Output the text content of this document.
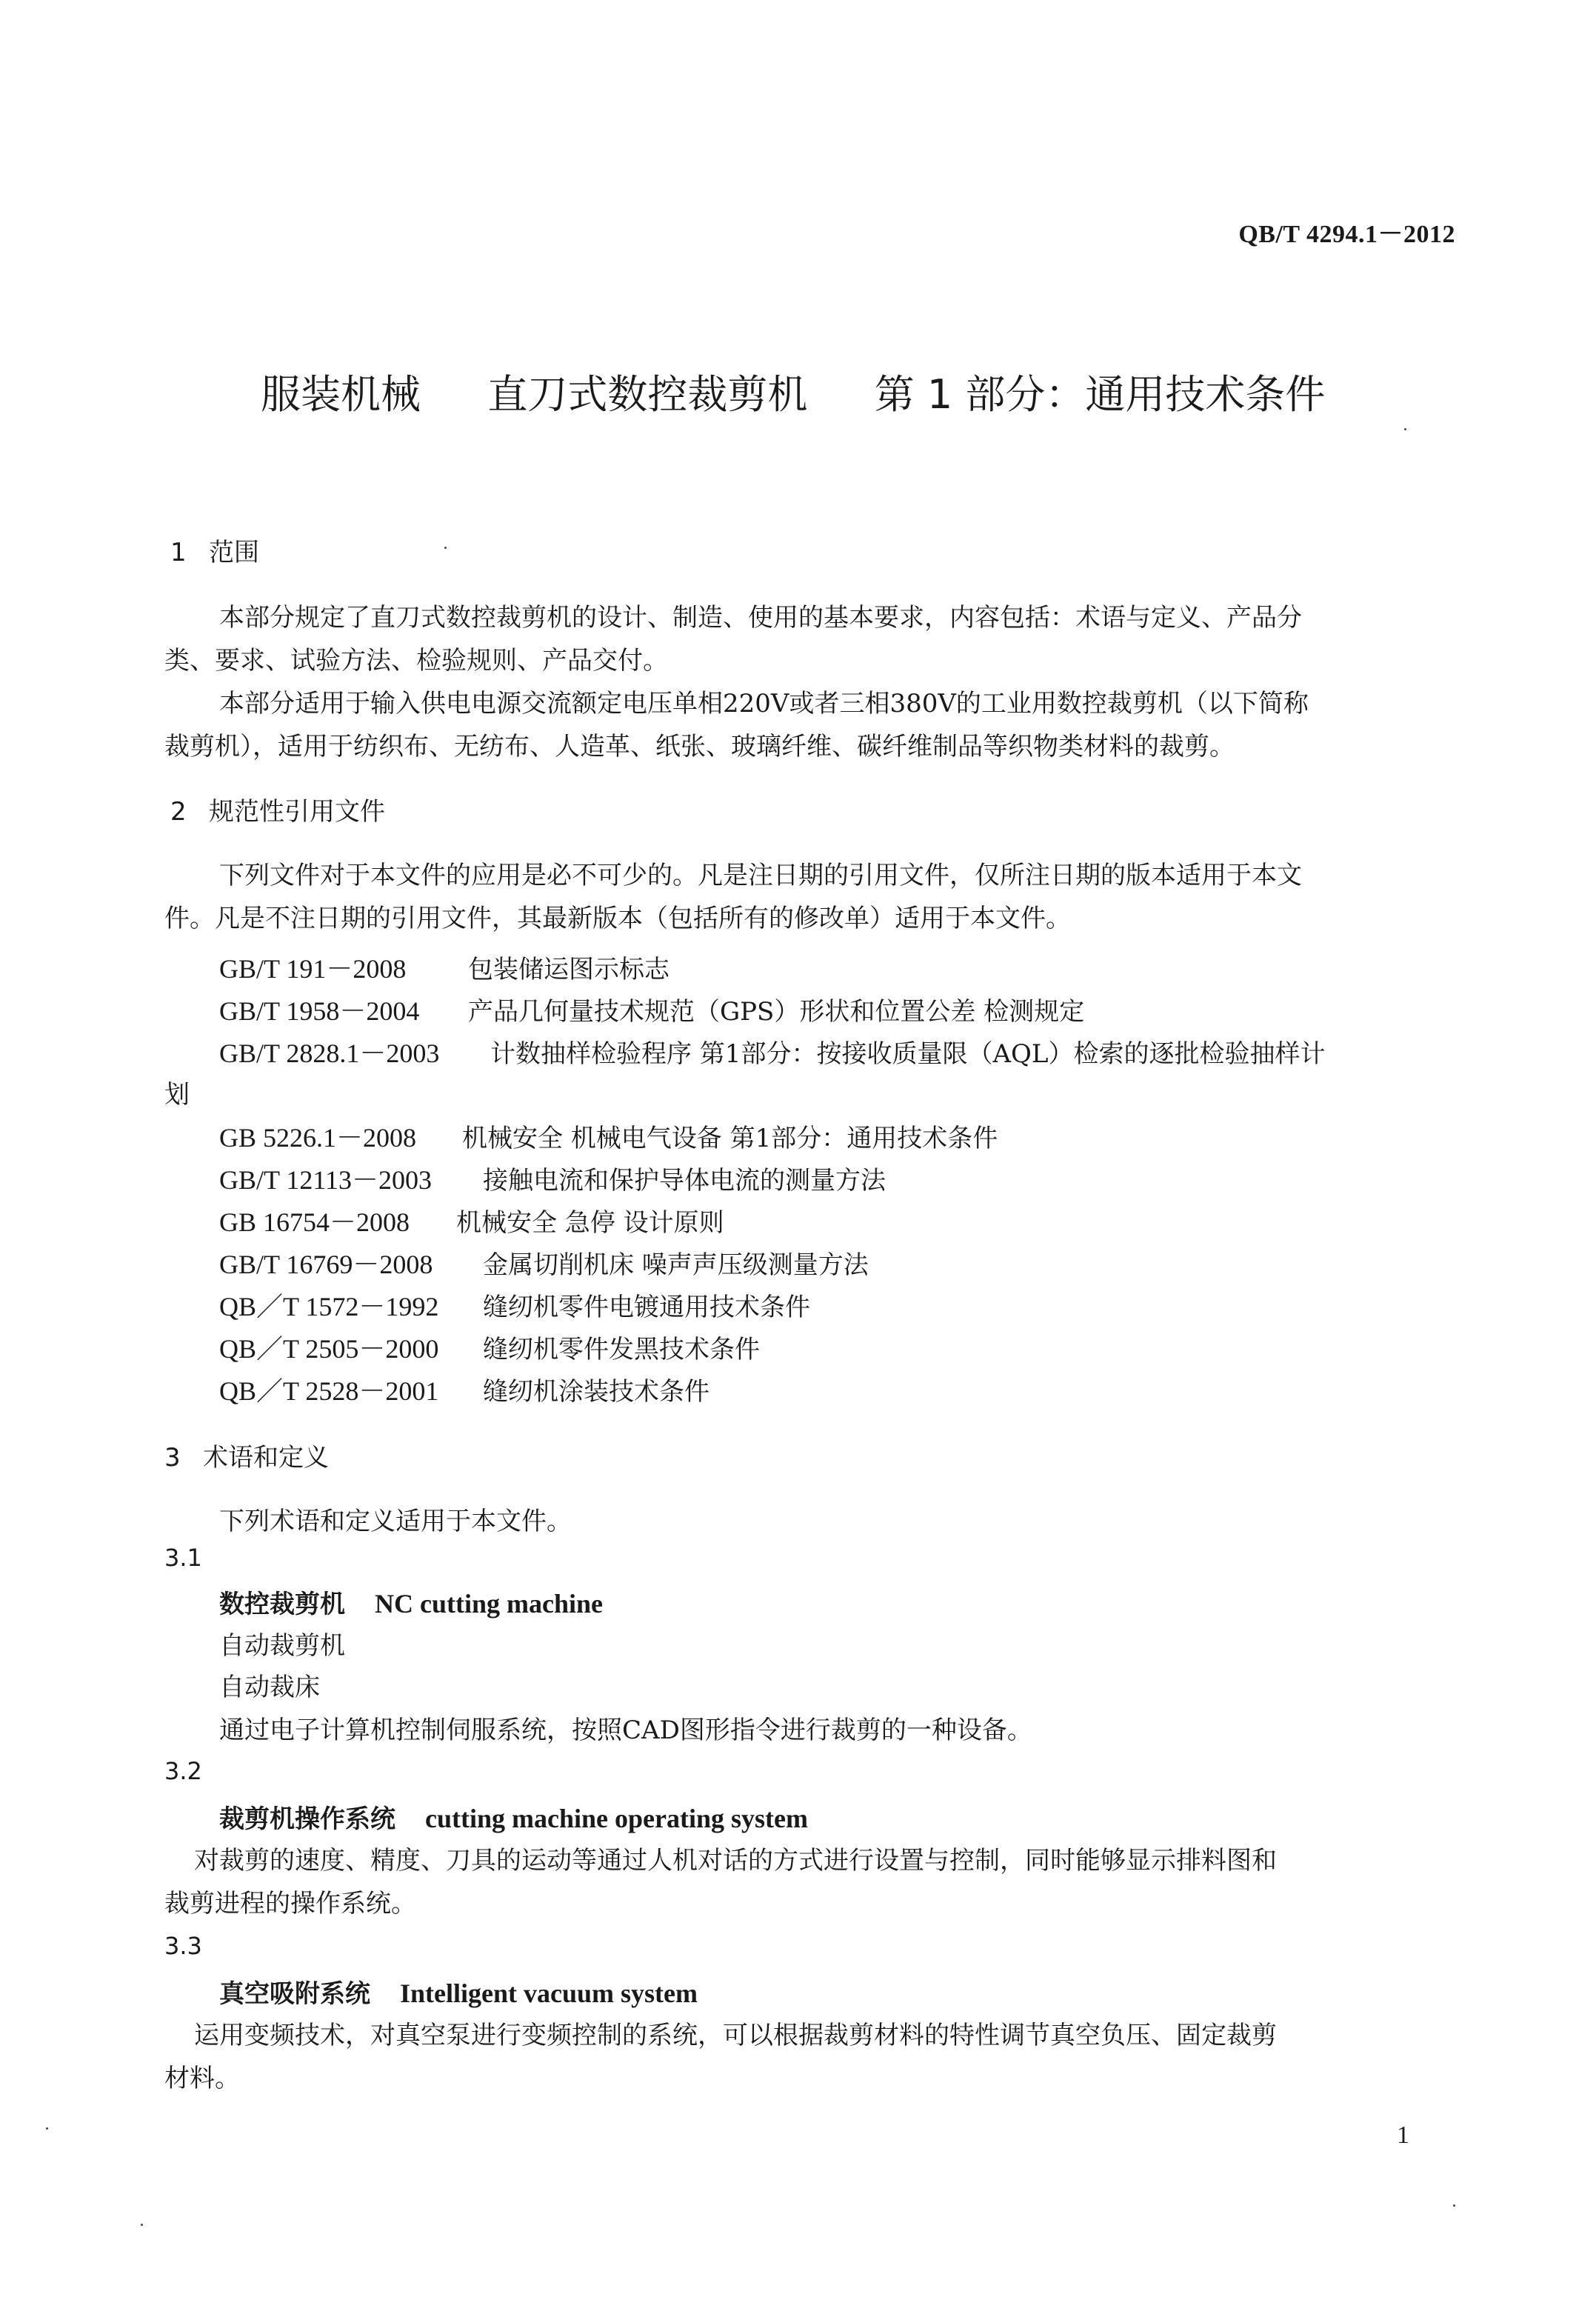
QB/T 4294.1－2012
服装机械 直刀式数控裁剪机 第 1 部分：通用技术条件
1 范围
本部分规定了直刀式数控裁剪机的设计、制造、使用的基本要求，内容包括：术语与定义、产品分
类、要求、试验方法、检验规则、产品交付。
本部分适用于输入供电电源交流额定电压单相220V或者三相380V的工业用数控裁剪机（以下简称
裁剪机），适用于纺织布、无纺布、人造革、纸张、玻璃纤维、碳纤维制品等织物类材料的裁剪。
2 规范性引用文件
下列文件对于本文件的应用是必不可少的。凡是注日期的引用文件，仅所注日期的版本适用于本文
件。凡是不注日期的引用文件，其最新版本（包括所有的修改单）适用于本文件。
GB/T 191－2008 包装储运图示标志
GB/T 1958－2004 产品几何量技术规范（GPS）形状和位置公差 检测规定
GB/T 2828.1－2003 计数抽样检验程序 第1部分：按接收质量限（AQL）检索的逐批检验抽样计
划
GB 5226.1－2008 机械安全 机械电气设备 第1部分：通用技术条件
GB/T 12113－2003 接触电流和保护导体电流的测量方法
GB 16754－2008 机械安全 急停 设计原则
GB/T 16769－2008 金属切削机床 噪声声压级测量方法
QB／T 1572－1992 缝纫机零件电镀通用技术条件
QB／T 2505－2000 缝纫机零件发黑技术条件
QB／T 2528－2001 缝纫机涂装技术条件
3 术语和定义
下列术语和定义适用于本文件。
3.1
数控裁剪机 NC cutting machine
自动裁剪机
自动裁床
通过电子计算机控制伺服系统，按照CAD图形指令进行裁剪的一种设备。
3.2
裁剪机操作系统 cutting machine operating system
对裁剪的速度、精度、刀具的运动等通过人机对话的方式进行设置与控制，同时能够显示排料图和
裁剪进程的操作系统。
3.3
真空吸附系统 Intelligent vacuum system
运用变频技术，对真空泵进行变频控制的系统，可以根据裁剪材料的特性调节真空负压、固定裁剪
材料。
1
